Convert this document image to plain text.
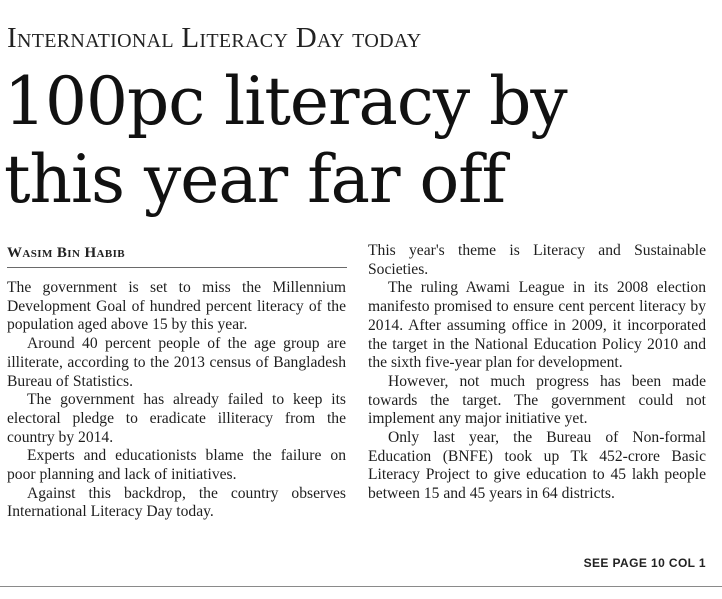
International Literacy Day today
100pc literacy by
this year far off
Wasim Bin Habib

The government is set to miss the Millennium Development Goal of hundred percent literacy of the population aged above 15 by this year.

Around 40 percent people of the age group are illiterate, according to the 2013 census of Bangladesh Bureau of Statistics.

The government has already failed to keep its electoral pledge to eradicate illiteracy from the country by 2014.

Experts and educationists blame the failure on poor planning and lack of initiatives.

Against this backdrop, the country observes International Literacy Day today.

This year's theme is Literacy and Sustainable Societies.

The ruling Awami League in its 2008 election manifesto promised to ensure cent percent literacy by 2014. After assuming office in 2009, it incorporated the target in the National Education Policy 2010 and the sixth five-year plan for development.

However, not much progress has been made towards the target. The government could not implement any major initiative yet.

Only last year, the Bureau of Non-formal Education (BNFE) took up Tk 452-crore Basic Literacy Project to give education to 45 lakh people between 15 and 45 years in 64 districts.

SEE PAGE 10 COL 1
